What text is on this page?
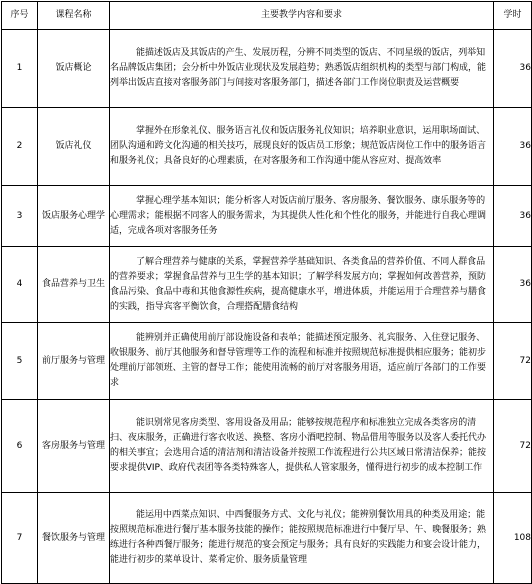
序号	课程名称	主要教学内容和要求	学时
1	饭店概论	能描述饭店及其饭店的产生、发展历程，分辨不同类型的饭店、不同星级的饭店，列举知名品牌饭店集团；会分析中外饭店业现状及发展趋势；熟悉饭店组织机构的类型与部门构成，能列举出饭店直接对客服务部门与间接对客服务部门，描述各部门工作岗位职责及运营概要	36
2	饭店礼仪	掌握外在形象礼仪、服务语言礼仪和饭店服务礼仪知识；培养职业意识，运用职场面试、团队沟通和跨文化沟通的相关技巧，展现良好的饭店员工形象；规范饭店岗位工作中的服务语言和服务礼仪；具备良好的心理素质，在对客服务和工作沟通中能从容应对、提高效率	36
3	饭店服务心理学	掌握心理学基本知识；能分析客人对饭店前厅服务、客房服务、餐饮服务、康乐服务等的心理需求；能根据不同客人的服务需求，为其提供人性化和个性化的服务，并能进行自我心理调适，完成各项对客服务任务	36
4	食品营养与卫生	了解合理营养与健康的关系，掌握营养学基础知识、各类食品的营养价值、不同人群食品的营养要求；掌握食品营养与卫生学的基本知识；了解学科发展方向；掌握如何改善营养，预防食品污染、食品中毒和其他食源性疾病，提高健康水平，增进体质，并能运用于合理营养与膳食的实践，指导宾客平衡饮食，合理搭配膳食结构	36
5	前厅服务与管理	能辨别并正确使用前厅部设施设备和表单；能描述预定服务、礼宾服务、入住登记服务、收银服务、前厅其他服务和督导管理等工作的流程和标准并按照规范标准提供相应服务；能初步处理前厅部领班、主管的督导工作；能使用流畅的前厅对客服务用语，适应前厅各部门的工作要求	72
6	客房服务与管理	能识别常见客房类型、客用设备及用品；能够按规范程序和标准独立完成各类客房的清扫、夜床服务，正确进行客衣收送、换整、客房小酒吧控制、物品借用等服务以及客人委托代办的相关事宜；会选用合适的清洁剂和清洁设备并按照工作流程进行公共区域日常清洁保养；能按要求提供VIP、政府代表团等各类特殊客人，提供私人管家服务，懂得进行初步的成本控制工作	72
7	餐饮服务与管理	能运用中西菜点知识、中西餐服务方式、文化与礼仪；能辨别餐饮用具的种类及用途；能按照规范标准进行餐厅基本服务技能的操作；能按照规范标准进行中餐厅早、午、晚餐服务；熟练进行各种西餐厅服务；能进行规范的宴会预定与服务；具有良好的实践能力和宴会设计能力，能进行初步的菜单设计、菜肴定价、服务质量管理	108
